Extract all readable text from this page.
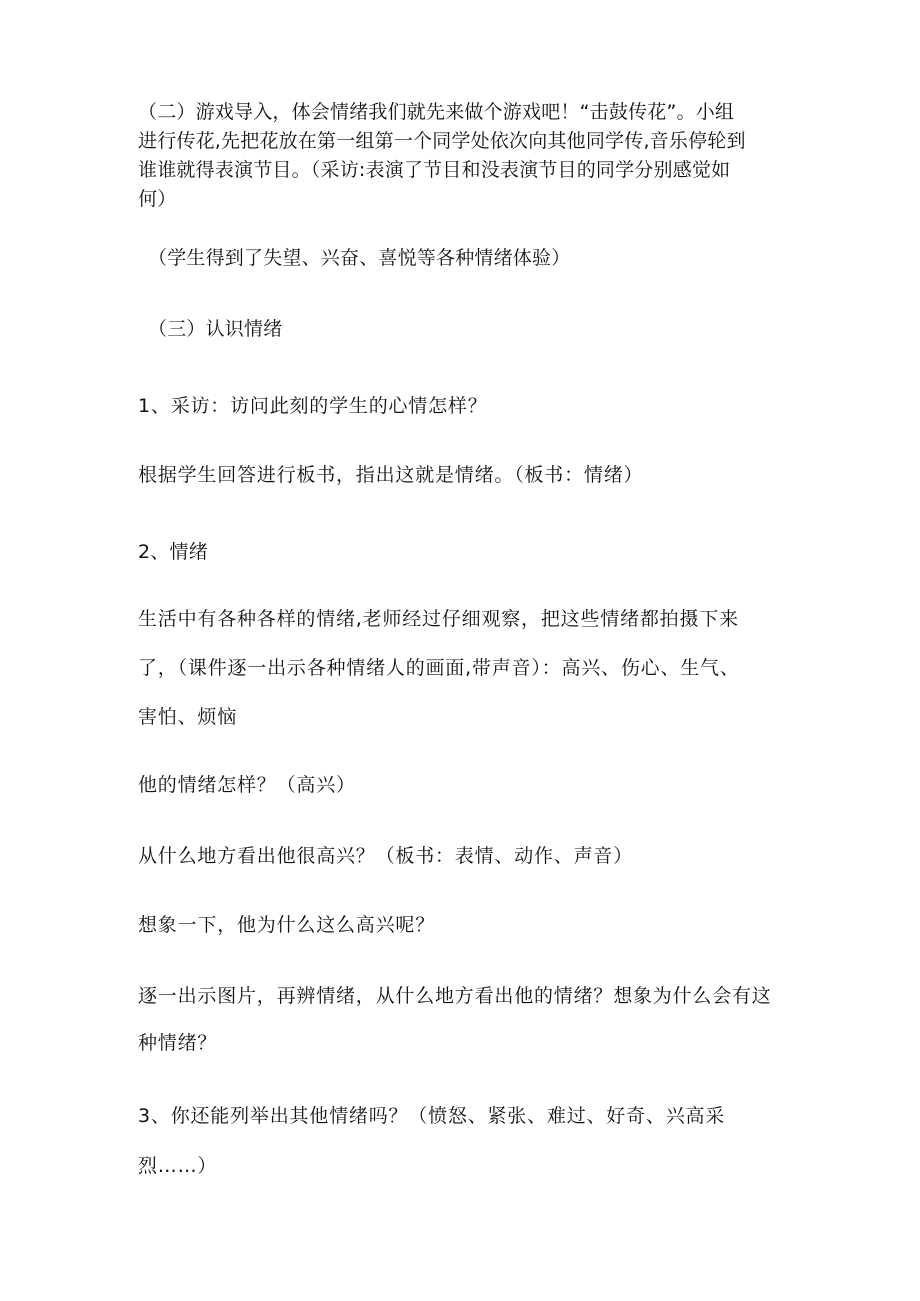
（二）游戏导入，体会情绪我们就先来做个游戏吧！“击鼓传花”。小组
进行传花,先把花放在第一组第一个同学处依次向其他同学传,音乐停轮到
谁谁就得表演节目。（采访:表演了节目和没表演节目的同学分别感觉如
何）
（学生得到了失望、兴奋、喜悦等各种情绪体验）
（三）认识情绪
1、采访：访问此刻的学生的心情怎样？
根据学生回答进行板书，指出这就是情绪。（板书：情绪）
2、情绪
生活中有各种各样的情绪,老师经过仔细观察，把这些情绪都拍摄下来
了，（课件逐一出示各种情绪人的画面,带声音）：高兴、伤心、生气、
害怕、烦恼
他的情绪怎样？（高兴）
从什么地方看出他很高兴？（板书：表情、动作、声音）
想象一下，他为什么这么高兴呢？
逐一出示图片，再辨情绪，从什么地方看出他的情绪？想象为什么会有这
种情绪？
3、你还能列举出其他情绪吗？（愤怒、紧张、难过、好奇、兴高采
烈……）
